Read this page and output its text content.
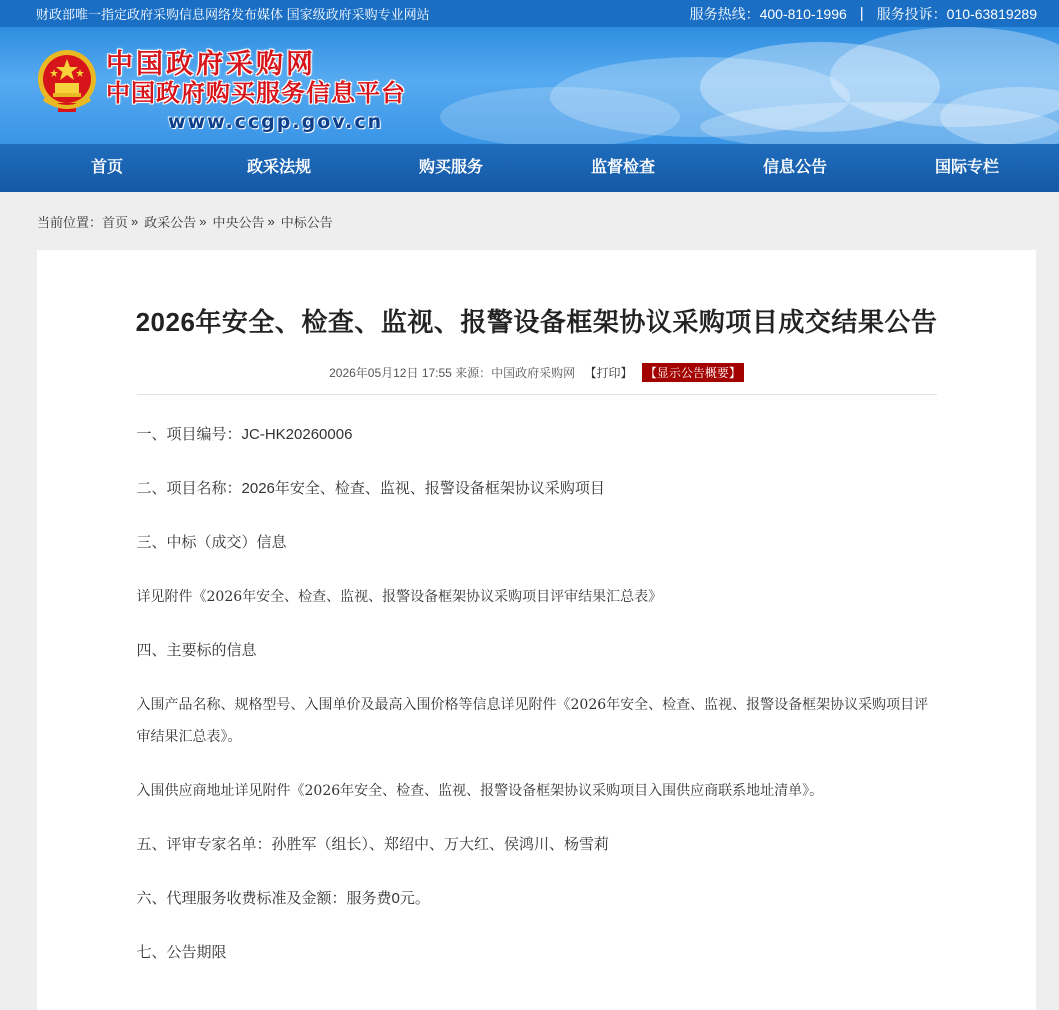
财政部唯一指定政府采购信息网络发布媒体 国家级政府采购专业网站	服务热线：400-810-1996 | 服务投诉：010-63819289
中国政府采购网
中国政府购买服务信息平台
www.ccgp.gov.cn
首页	政采法规	购买服务	监督检查	信息公告	国际专栏
当前位置： 首页 » 政采公告 » 中央公告 » 中标公告
2026年安全、检查、监视、报警设备框架协议采购项目成交结果公告
2026年05月12日 17:55 来源：中国政府采购网 【打印】 【显示公告概要】

一、项目编号：JC-HK20260006

二、项目名称：2026年安全、检查、监视、报警设备框架协议采购项目

三、中标（成交）信息

详见附件《2026年安全、检查、监视、报警设备框架协议采购项目评审结果汇总表》

四、主要标的信息

入围产品名称、规格型号、入围单价及最高入围价格等信息详见附件《2026年安全、检查、监视、报警设备框架协议采购项目评审结果汇总表》。

入围供应商地址详见附件《2026年安全、检查、监视、报警设备框架协议采购项目入围供应商联系地址清单》。

五、评审专家名单：孙胜军（组长）、郑绍中、万大红、侯鸿川、杨雪莉

六、代理服务收费标准及金额：服务费0元。

七、公告期限
